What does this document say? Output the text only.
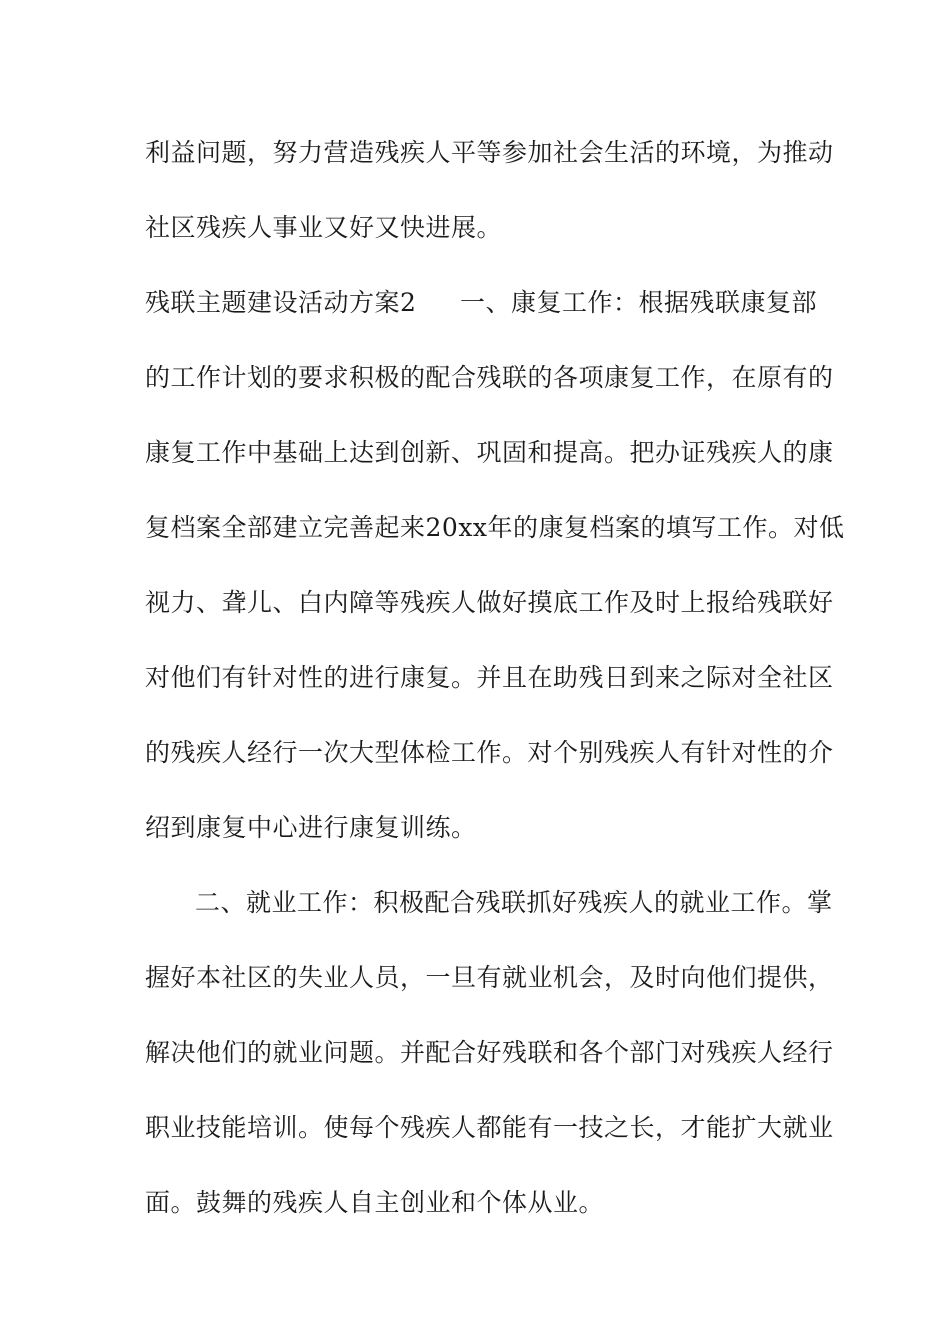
利益问题，努力营造残疾人平等参加社会生活的环境，为推动
社区残疾人事业又好又快进展。
残联主题建设活动方案2 一、康复工作：根据残联康复部
的工作计划的要求积极的配合残联的各项康复工作，在原有的
康复工作中基础上达到创新、巩固和提高。把办证残疾人的康
复档案全部建立完善起来20xx年的康复档案的填写工作。对低
视力、聋儿、白内障等残疾人做好摸底工作及时上报给残联好
对他们有针对性的进行康复。并且在助残日到来之际对全社区
的残疾人经行一次大型体检工作。对个别残疾人有针对性的介
绍到康复中心进行康复训练。
二、就业工作：积极配合残联抓好残疾人的就业工作。掌
握好本社区的失业人员，一旦有就业机会，及时向他们提供，
解决他们的就业问题。并配合好残联和各个部门对残疾人经行
职业技能培训。使每个残疾人都能有一技之长，才能扩大就业
面。鼓舞的残疾人自主创业和个体从业。
